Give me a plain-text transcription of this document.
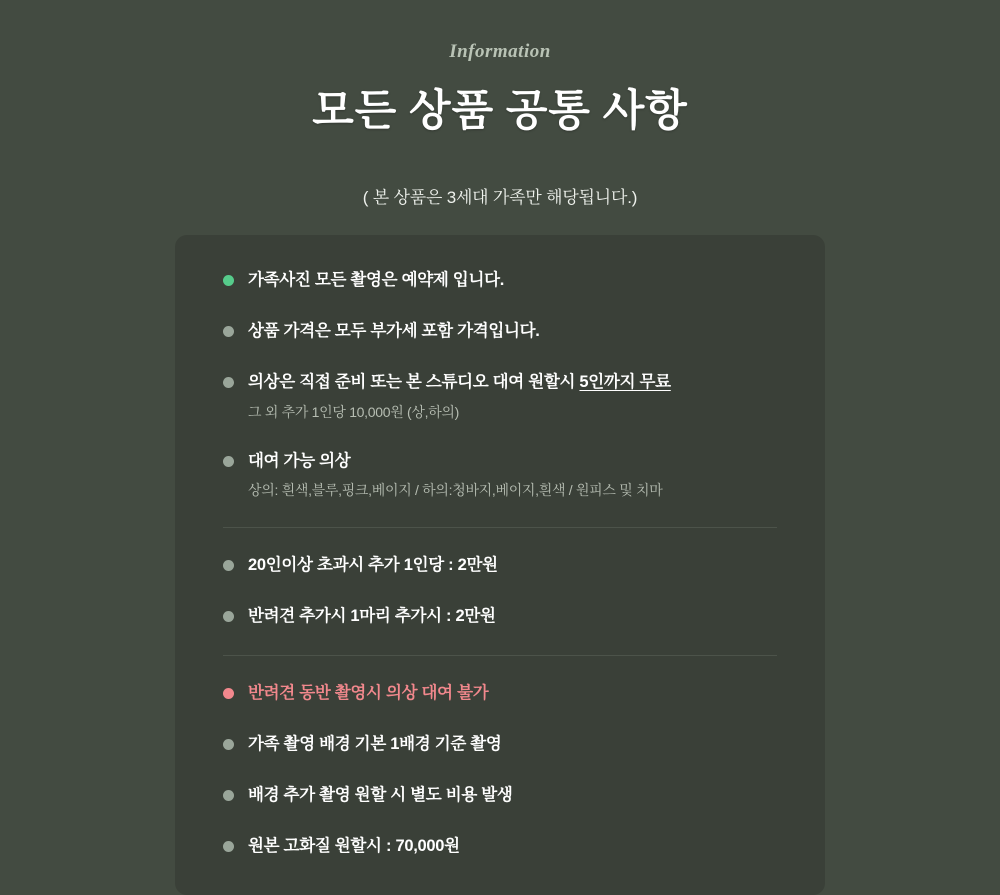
Information
모든 상품 공통 사항
( 본 상품은 3세대 가족만 해당됩니다.)
가족사진 모든 촬영은 예약제 입니다.
상품 가격은 모두 부가세 포함 가격입니다.
의상은 직접 준비 또는 본 스튜디오 대여 원할시 5인까지 무료
그 외 추가 1인당 10,000원 (상,하의)
대여 가능 의상
상의: 흰색,블루,핑크,베이지 / 하의:청바지,베이지,흰색 / 원피스 및 치마
20인이상 초과시 추가 1인당 : 2만원
반려견 추가시 1마리 추가시 : 2만원
반려견 동반 촬영시 의상 대여 불가
가족 촬영 배경 기본 1배경 기준 촬영
배경 추가 촬영 원할 시 별도 비용 발생
원본 고화질 원할시 : 70,000원
